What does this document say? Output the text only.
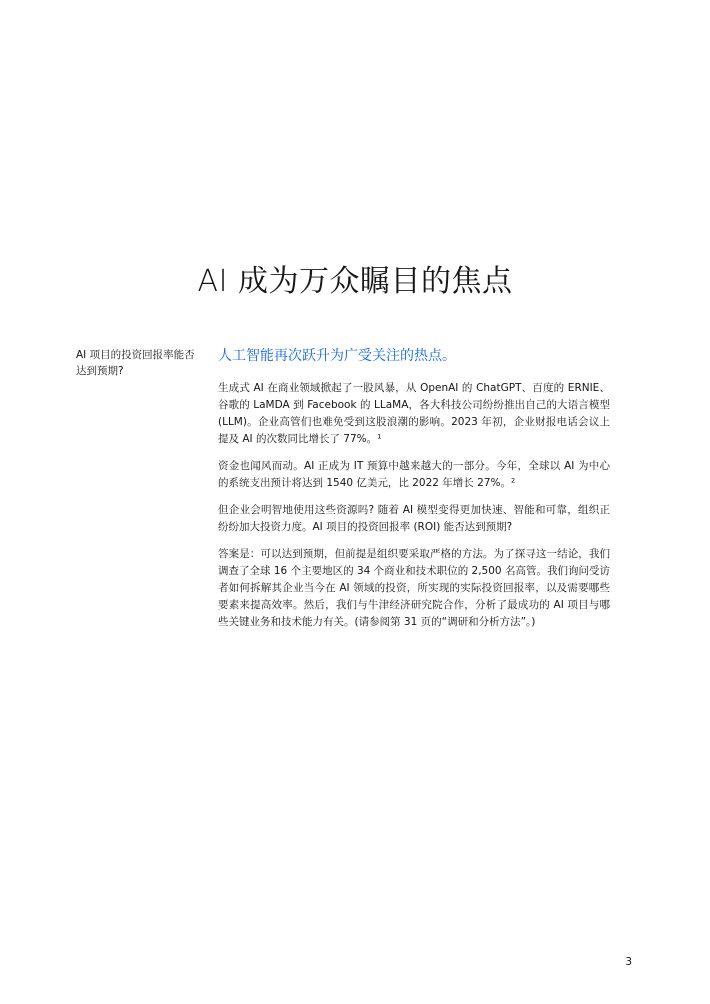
AI 成为万众瞩目的焦点
AI 项目的投资回报率能否达到预期?

人工智能再次跃升为广受关注的热点。

生成式 AI 在商业领域掀起了一股风暴，从 OpenAI 的 ChatGPT、百度的 ERNIE、谷歌的 LaMDA 到 Facebook 的 LLaMA，各大科技公司纷纷推出自己的大语言模型 (LLM)。企业高管们也难免受到这股浪潮的影响。2023 年初，企业财报电话会议上提及 AI 的次数同比增长了 77%。¹

资金也闻风而动。AI 正成为 IT 预算中越来越大的一部分。今年，全球以 AI 为中心的系统支出预计将达到 1540 亿美元，比 2022 年增长 27%。²

但企业会明智地使用这些资源吗? 随着 AI 模型变得更加快速、智能和可靠，组织正纷纷加大投资力度。AI 项目的投资回报率 (ROI) 能否达到预期?

答案是：可以达到预期，但前提是组织要采取严格的方法。为了探寻这一结论，我们调查了全球 16 个主要地区的 34 个商业和技术职位的 2,500 名高管。我们询问受访者如何拆解其企业当今在 AI 领域的投资，所实现的实际投资回报率，以及需要哪些要素来提高效率。然后，我们与牛津经济研究院合作，分析了最成功的 AI 项目与哪些关键业务和技术能力有关。(请参阅第 31 页的“调研和分析方法”。)

3
